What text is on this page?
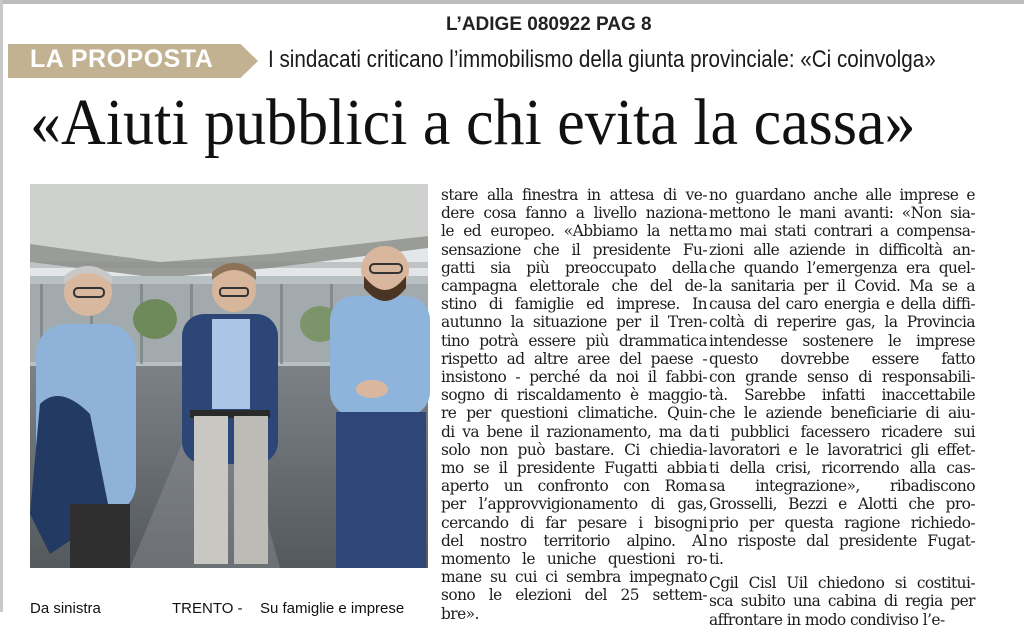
L’ADIGE 080922 PAG 8
LA PROPOSTA I sindacati criticano l’immobilismo della giunta provinciale: «Ci coinvolga»
«Aiuti pubblici a chi evita la cassa»
Da sinistra	TRENTO - Su famiglie e imprese
stare alla finestra in attesa di ve-
dere cosa fanno a livello naziona-
le ed europeo. «Abbiamo la netta
sensazione che il presidente Fu-
gatti sia più preoccupato della
campagna elettorale che del de-
stino di famiglie ed imprese. In
autunno la situazione per il Tren-
tino potrà essere più drammatica
rispetto ad altre aree del paese -
insistono - perché da noi il fabbi-
sogno di riscaldamento è maggio-
re per questioni climatiche. Quin-
di va bene il razionamento, ma da
solo non può bastare. Ci chiedia-
mo se il presidente Fugatti abbia
aperto un confronto con Roma
per l’approvvigionamento di gas,
cercando di far pesare i bisogni
del nostro territorio alpino. Al
momento le uniche questioni ro-
mane su cui ci sembra impegnato
sono le elezioni del 25 settem-
bre».
no guardano anche alle imprese e
mettono le mani avanti: «Non sia-
mo mai stati contrari a compensa-
zioni alle aziende in difficoltà an-
che quando l’emergenza era quel-
la sanitaria per il Covid. Ma se a
causa del caro energia e della diffi-
coltà di reperire gas, la Provincia
intendesse sostenere le imprese
questo dovrebbe essere fatto
con grande senso di responsabili-
tà. Sarebbe infatti inaccettabile
che le aziende beneficiarie di aiu-
ti pubblici facessero ricadere sui
lavoratori e le lavoratrici gli effet-
ti della crisi, ricorrendo alla cas-
sa integrazione», ribadiscono
Grosselli, Bezzi e Alotti che pro-
prio per questa ragione richiedo-
no risposte dal presidente Fugat-
ti.
Cgil Cisl Uil chiedono si costitui-
sca subito una cabina di regia per
affrontare in modo condiviso l’e-
